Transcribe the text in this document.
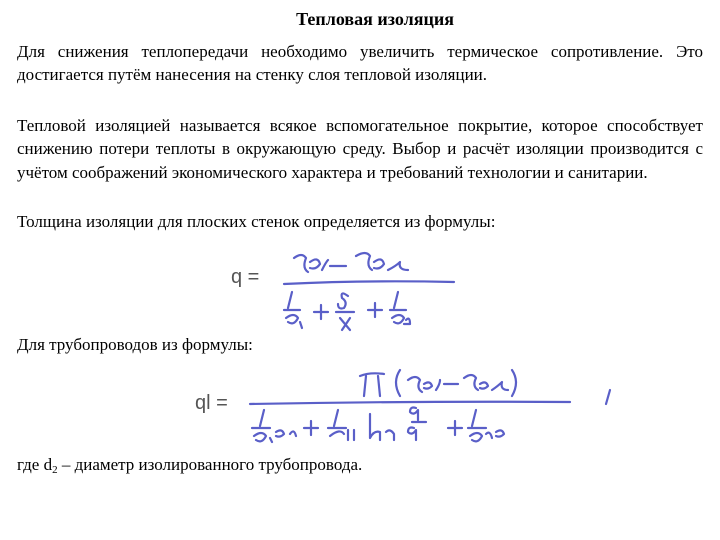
Тепловая изоляция
Для снижения теплопередачи необходимо увеличить термическое сопротивление. Это достигается путём нанесения на стенку слоя тепловой изоляции.
Тепловой изоляцией называется всякое вспомогательное покрытие, которое способствует снижению потери теплоты в окружающую среду. Выбор и расчёт изоляции производится с учётом соображений экономического характера и требований технологии и санитарии.
Толщина изоляции для плоских стенок определяется из формулы:
q =
Для трубопроводов из формулы:

ql =
где $d_2$ – диаметр изолированного трубопровода.
